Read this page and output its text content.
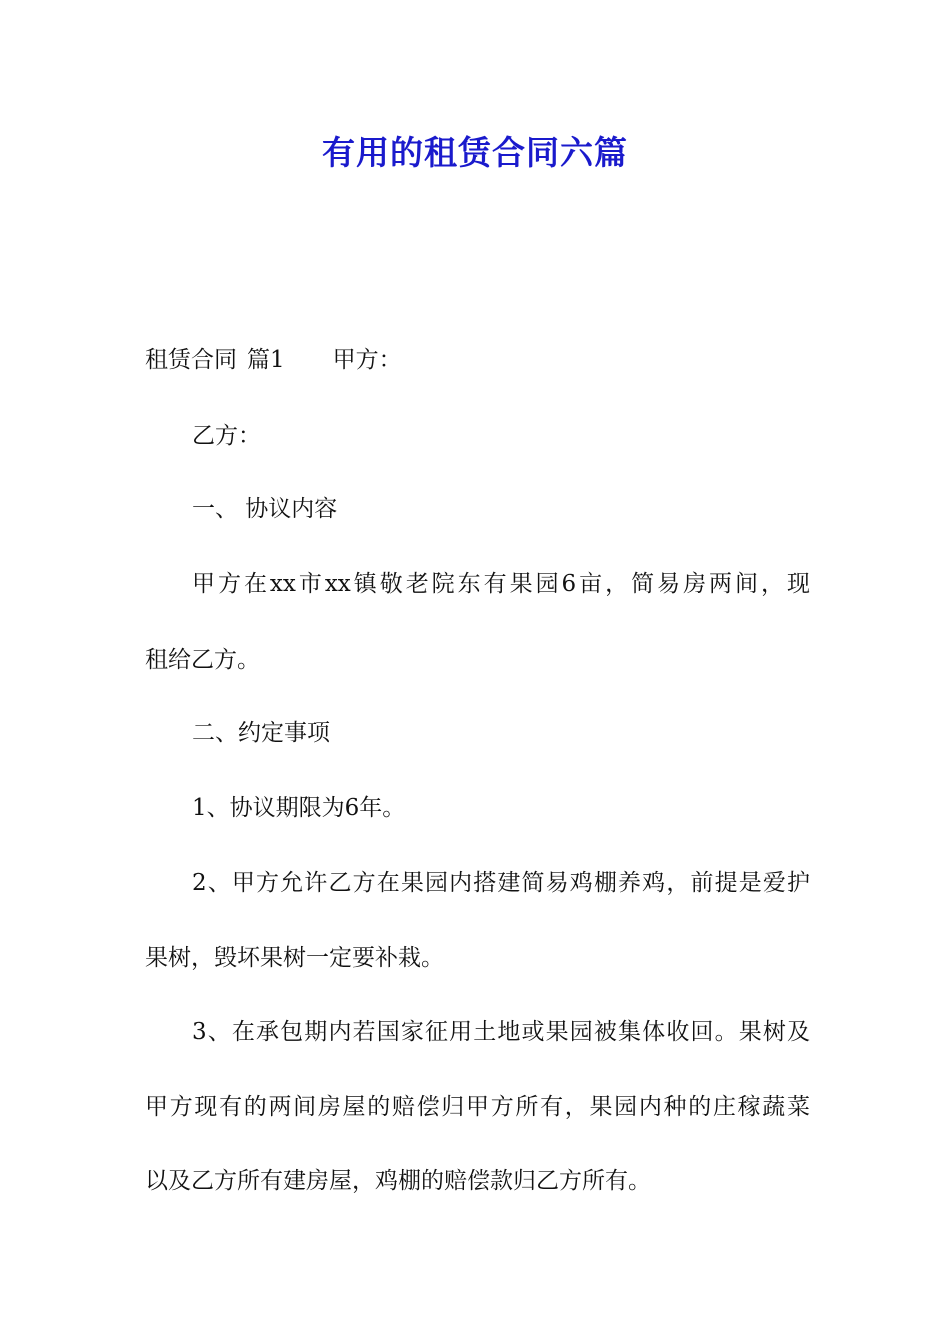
有用的租赁合同六篇
租赁合同 篇1 甲方：
乙方：
一、 协议内容
甲方在xx市xx镇敬老院东有果园6亩，简易房两间，现
租给乙方。
二、约定事项
1、协议期限为6年。
2、甲方允许乙方在果园内搭建简易鸡棚养鸡，前提是爱护
果树，毁坏果树一定要补栽。
3、在承包期内若国家征用土地或果园被集体收回。果树及
甲方现有的两间房屋的赔偿归甲方所有，果园内种的庄稼蔬菜
以及乙方所有建房屋，鸡棚的赔偿款归乙方所有。
